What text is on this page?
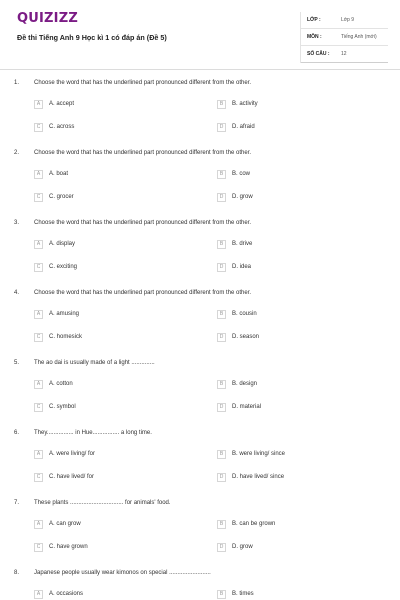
QUIZIZZ
Đề thi Tiếng Anh 9 Học kì 1 có đáp án (Đề 5)
LỚP :	Lớp 9
MÔN :	Tiếng Anh (mới)
SỐ CÂU : 12
1. Choose the word that has the underlined part pronounced different from the other.
A	A. accept	B	B. activity
C	C. across	D	D. afraid
2. Choose the word that has the underlined part pronounced different from the other.
A	A. boat	B	B. cow
C	C. grocer	D	D. grow
3. Choose the word that has the underlined part pronounced different from the other.
A	A. display	B	B. drive
C	C. exciting	D	D. idea
4. Choose the word that has the underlined part pronounced different from the other.
A	A. amusing	B	B. cousin
C	C. homesick	D	D. season
5. The ao dai is usually made of a light ..............
A	A. cotton	B	B. design
C	C. symbol	D	D. material
6. They................ in Hue................ a long time.
A	A. were living/ for	B	B. were living/ since
C	C. have lived/ for	D	D. have lived/ since
7. These plants ................................ for animals' food.
A	A. can grow	B	B. can be grown
C	C. have grown	D	D. grow
8. Japanese people usually wear kimonos on special .........................
A	A. occasions	B	B. times
